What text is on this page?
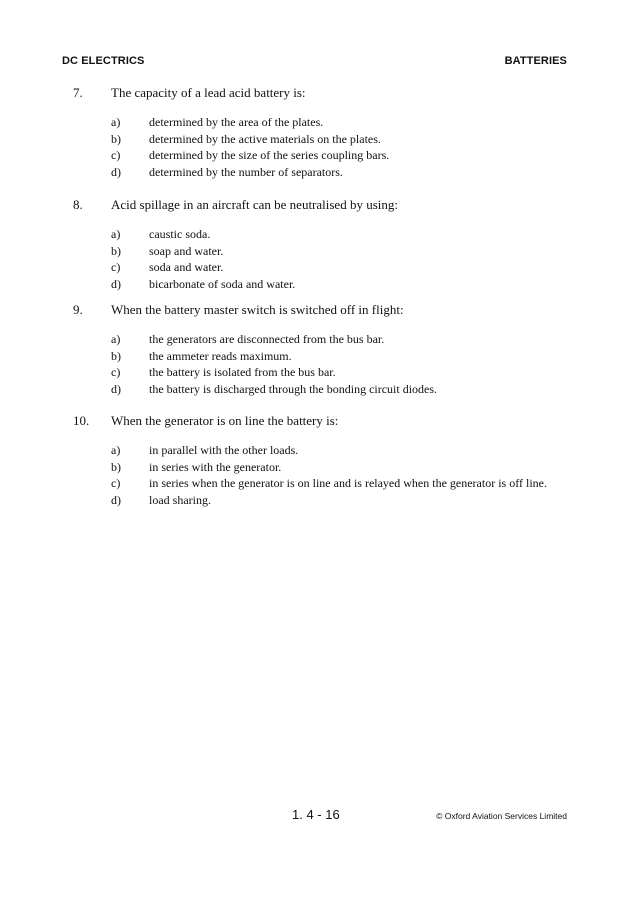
DC ELECTRICS	BATTERIES
7. The capacity of a lead acid battery is:
a) determined by the area of the plates.
b) determined by the active materials on the plates.
c) determined by the size of the series coupling bars.
d) determined by the number of separators.
8. Acid spillage in an aircraft can be neutralised by using:
a) caustic soda.
b) soap and water.
c) soda and water.
d) bicarbonate of soda and water.
9. When the battery master switch is switched off in flight:
a) the generators are disconnected from the bus bar.
b) the ammeter reads maximum.
c) the battery is isolated from the bus bar.
d) the battery is discharged through the bonding circuit diodes.
10. When the generator is on line the battery is:
a) in parallel with the other loads.
b) in series with the generator.
c) in series when the generator is on line and is relayed when the generator is off line.
d) load sharing.
1. 4 - 16	© Oxford Aviation Services Limited
